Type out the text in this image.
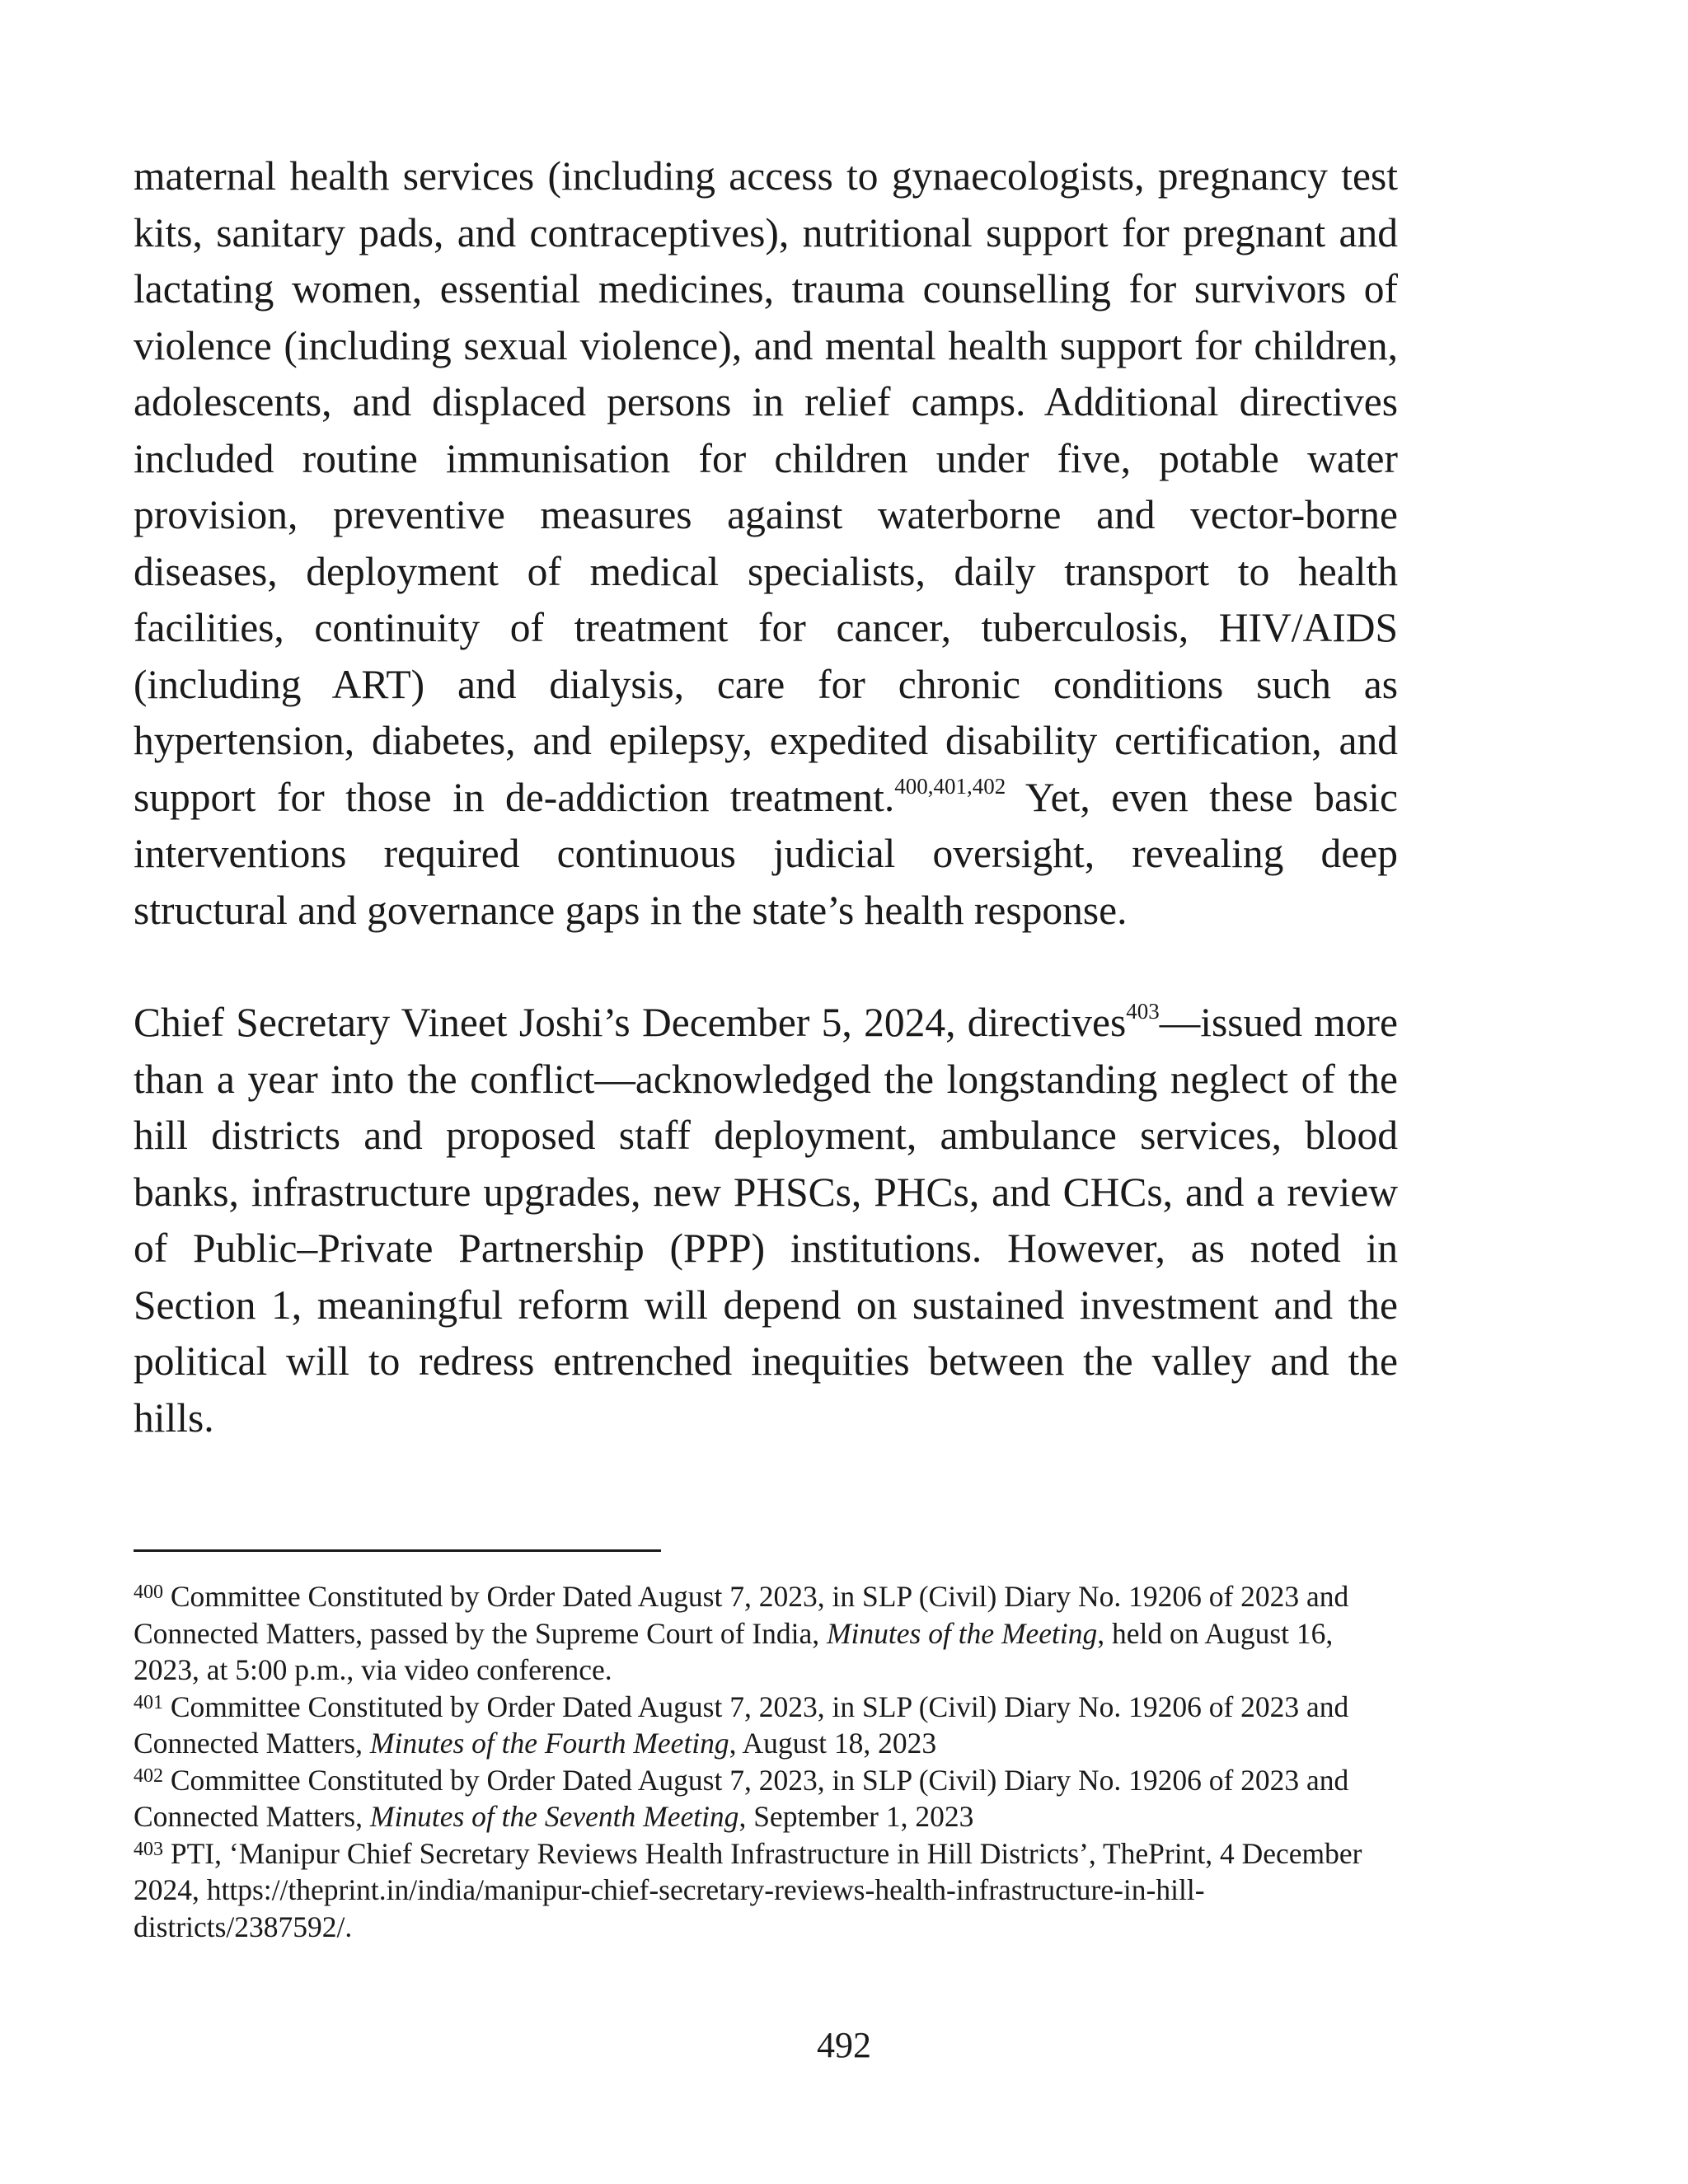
maternal health services (including access to gynaecologists, pregnancy test kits, sanitary pads, and contraceptives), nutritional support for pregnant and lactating women, essential medicines, trauma counselling for survivors of violence (including sexual violence), and mental health support for children, adolescents, and displaced persons in relief camps. Additional directives included routine immunisation for children under five, potable water provision, preventive measures against waterborne and vector-borne diseases, deployment of medical specialists, daily transport to health facilities, continuity of treatment for cancer, tuberculosis, HIV/AIDS (including ART) and dialysis, care for chronic conditions such as hypertension, diabetes, and epilepsy, expedited disability certification, and support for those in de-addiction treatment.$^{400,401,402}$ Yet, even these basic interventions required continuous judicial oversight, revealing deep structural and governance gaps in the state’s health response.

Chief Secretary Vineet Joshi’s December 5, 2024, directives$^{403}$—issued more than a year into the conflict—acknowledged the longstanding neglect of the hill districts and proposed staff deployment, ambulance services, blood banks, infrastructure upgrades, new PHSCs, PHCs, and CHCs, and a review of Public–Private Partnership (PPP) institutions. However, as noted in Section 1, meaningful reform will depend on sustained investment and the political will to redress entrenched inequities between the valley and the hills.

$^{400}$ Committee Constituted by Order Dated August 7, 2023, in SLP (Civil) Diary No. 19206 of 2023 and Connected Matters, passed by the Supreme Court of India, Minutes of the Meeting, held on August 16, 2023, at 5:00 p.m., via video conference.

$^{401}$ Committee Constituted by Order Dated August 7, 2023, in SLP (Civil) Diary No. 19206 of 2023 and Connected Matters, Minutes of the Fourth Meeting, August 18, 2023

$^{402}$ Committee Constituted by Order Dated August 7, 2023, in SLP (Civil) Diary No. 19206 of 2023 and Connected Matters, Minutes of the Seventh Meeting, September 1, 2023

$^{403}$ PTI, ‘Manipur Chief Secretary Reviews Health Infrastructure in Hill Districts’, ThePrint, 4 December 2024, https://theprint.in/india/manipur-chief-secretary-reviews-health-infrastructure-in-hill-districts/2387592/.

492
